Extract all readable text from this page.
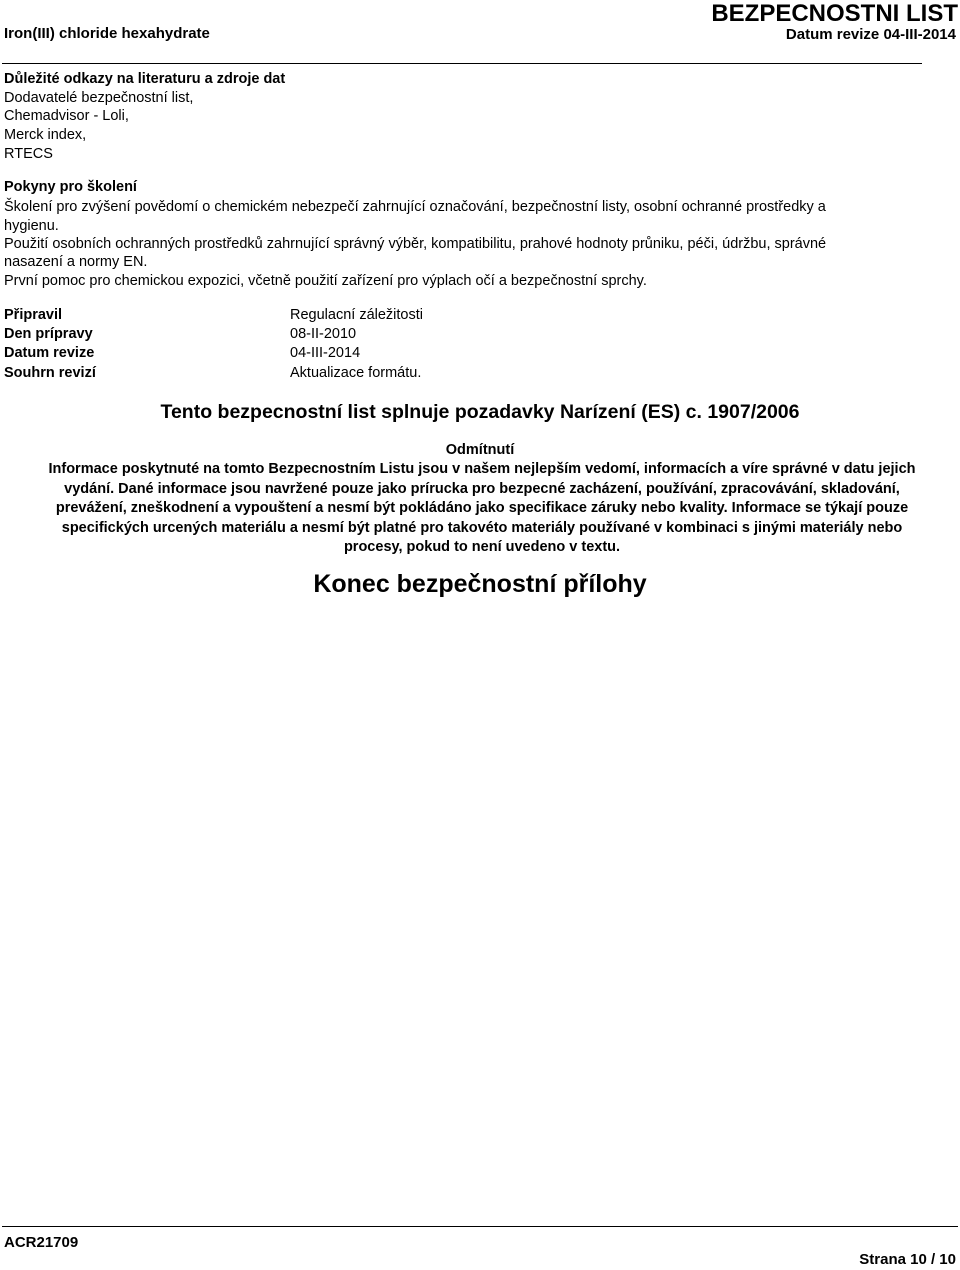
Iron(III) chloride hexahydrate
BEZPECNOSTNI LIST
Datum revize 04-III-2014
Důležité odkazy na literaturu a zdroje dat
Dodavatelé bezpečnostní list,
Chemadvisor - Loli,
Merck index,
RTECS
Pokyny pro školení
Školení pro zvýšení povědomí o chemickém nebezpečí zahrnující označování, bezpečnostní listy, osobní ochranné prostředky a
hygienu.
Použití osobních ochranných prostředků zahrnující správný výběr, kompatibilitu, prahové hodnoty průniku, péči, údržbu, správné
nasazení a normy EN.
První pomoc pro chemickou expozici, včetně použití zařízení pro výplach očí a bezpečnostní sprchy.
Připravil	Regulacní záležitosti
Den prípravy	08-II-2010
Datum revize	04-III-2014
Souhrn revizí	Aktualizace formátu.
Tento bezpecnostní list splnuje pozadavky Narízení (ES) c. 1907/2006
Odmítnutí
Informace poskytnuté na tomto Bezpecnostním Listu jsou v našem nejlepším vedomí, informacích a víre správné v datu jejich
vydání. Dané informace jsou navržené pouze jako prírucka pro bezpecné zacházení, používání, zpracovávání, skladování,
prevážení, zneškodnení a vypouštení a nesmí být pokládáno jako specifikace záruky nebo kvality. Informace se týkají pouze
specifických urcených materiálu a nesmí být platné pro takovéto materiály používané v kombinaci s jinými materiály nebo
procesy, pokud to není uvedeno v textu.
Konec bezpečnostní přílohy
ACR21709
Strana 10 / 10
